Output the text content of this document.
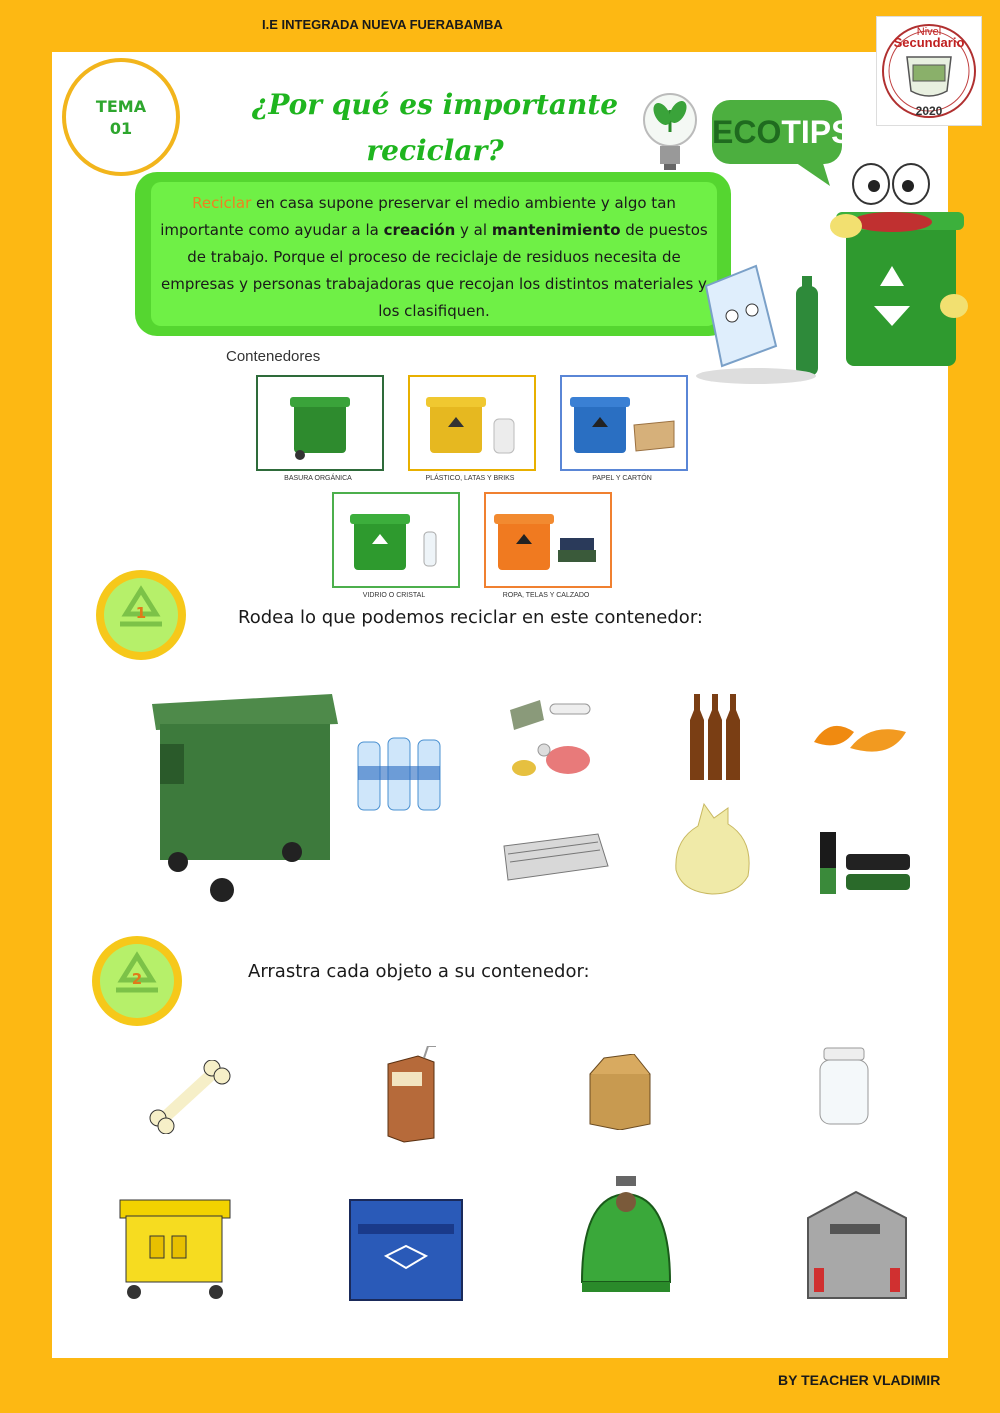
I.E INTEGRADA NUEVA FUERABAMBA	Nivel
Secundario
2020
TEMA
01
¿Por qué es importante
reciclar?
ECOTIPS
Reciclar en casa supone preservar el medio ambiente y algo tan importante como ayudar a la creación y al mantenimiento de puestos de trabajo. Porque el proceso de reciclaje de residuos necesita de empresas y personas trabajadoras que recojan los distintos materiales y los clasifiquen.
Contenedores
BASURA ORGÁNICA	PLÁSTICO, LATAS Y BRIKS	PAPEL Y CARTÓN
VIDRIO O CRISTAL	ROPA, TELAS Y CALZADO
1	Rodea lo que podemos reciclar en este contenedor:
2	Arrastra cada objeto a su contenedor:
BY TEACHER VLADIMIR
